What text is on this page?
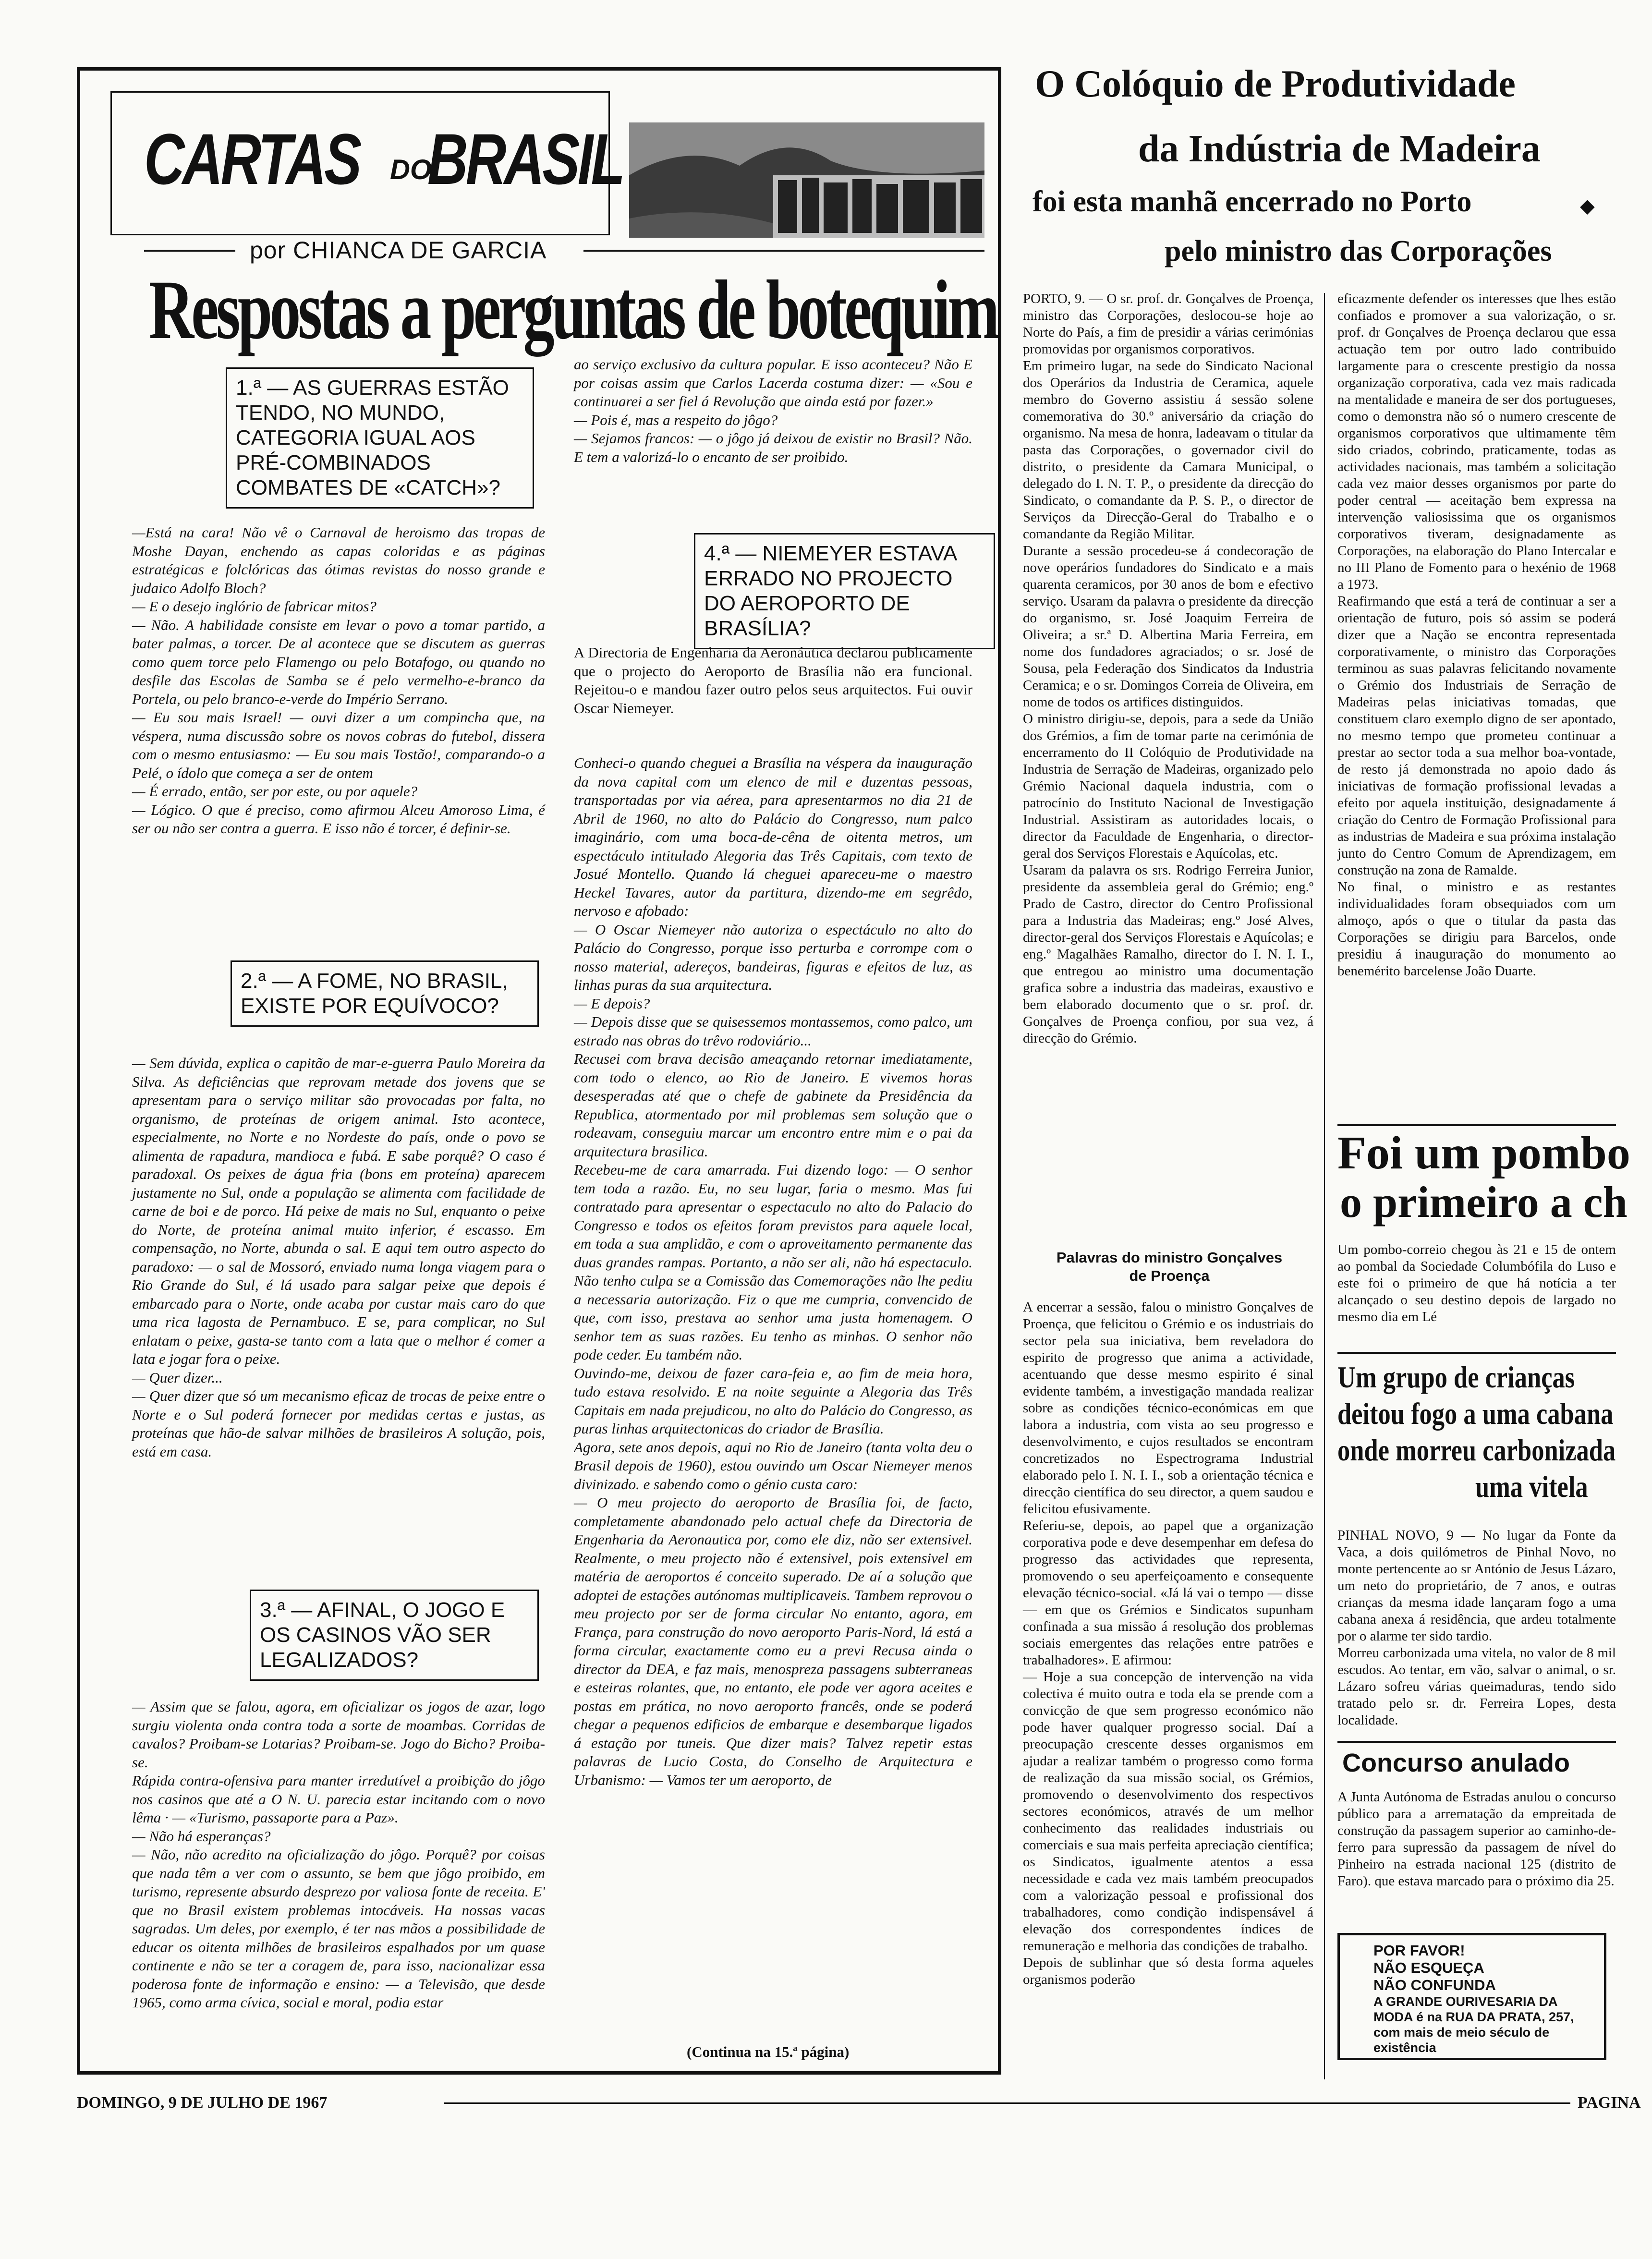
CARTAS	DO
BRASIL
por CHIANCA DE GARCIA
Respostas a perguntas de botequim
1.ª — AS GUERRAS ESTÃO TENDO, NO MUNDO, CATEGORIA IGUAL AOS PRÉ-COMBINADOS COMBATES DE «CATCH»?
—Está na cara! Não vê o Carnaval de heroismo das tropas de Moshe Dayan, enchendo as capas coloridas e as páginas estratégicas e folclóricas das ótimas revistas do nosso grande e judaico Adolfo Bloch?
— E o desejo inglório de fabricar mitos?
— Não. A habilidade consiste em levar o povo a tomar partido, a bater palmas, a torcer. De al acontece que se discutem as guerras como quem torce pelo Flamengo ou pelo Botafogo, ou quando no desfile das Escolas de Samba se é pelo vermelho-e-branco da Portela, ou pelo branco-e-verde do Império Serrano.
— Eu sou mais Israel! — ouvi dizer a um compincha que, na véspera, numa discussão sobre os novos cobras do futebol, dissera com o mesmo entusiasmo: — Eu sou mais Tostão!, comparando-o a Pelé, o ídolo que começa a ser de ontem
— É errado, então, ser por este, ou por aquele?
— Lógico. O que é preciso, como afirmou Alceu Amoroso Lima, é ser ou não ser contra a guerra. E isso não é torcer, é definir-se.
2.ª — A FOME, NO BRASIL, EXISTE POR EQUÍVOCO?
— Sem dúvida, explica o capitão de mar-e-guerra Paulo Moreira da Silva. As deficiências que reprovam metade dos jovens que se apresentam para o serviço militar são provocadas por falta, no organismo, de proteínas de origem animal. Isto acontece, especialmente, no Norte e no Nordeste do país, onde o povo se alimenta de rapadura, mandioca e fubá. E sabe porquê? O caso é paradoxal. Os peixes de água fria (bons em proteína) aparecem justamente no Sul, onde a população se alimenta com facilidade de carne de boi e de porco. Há peixe de mais no Sul, enquanto o peixe do Norte, de proteína animal muito inferior, é escasso. Em compensação, no Norte, abunda o sal. E aqui tem outro aspecto do paradoxo: — o sal de Mossoró, enviado numa longa viagem para o Rio Grande do Sul, é lá usado para salgar peixe que depois é embarcado para o Norte, onde acaba por custar mais caro do que uma rica lagosta de Pernambuco. E se, para complicar, no Sul enlatam o peixe, gasta-se tanto com a lata que o melhor é comer a lata e jogar fora o peixe.
— Quer dizer...
— Quer dizer que só um mecanismo eficaz de trocas de peixe entre o Norte e o Sul poderá fornecer por medidas certas e justas, as proteínas que hão-de salvar milhões de brasileiros A solução, pois, está em casa.
3.ª — AFINAL, O JOGO E OS CASINOS VÃO SER LEGALIZADOS?
— Assim que se falou, agora, em oficializar os jogos de azar, logo surgiu violenta onda contra toda a sorte de moambas. Corridas de cavalos? Proibam-se Lotarias? Proibam-se. Jogo do Bicho? Proiba-se.
Rápida contra-ofensiva para manter irredutível a proibição do jôgo nos casinos que até a O N. U. parecia estar incitando com o novo lêma · — «Turismo, passaporte para a Paz».
— Não há esperanças?
— Não, não acredito na oficialização do jôgo. Porquê? por coisas que nada têm a ver com o assunto, se bem que jôgo proibido, em turismo, represente absurdo desprezo por valiosa fonte de receita. E' que no Brasil existem problemas intocáveis. Ha nossas vacas sagradas. Um deles, por exemplo, é ter nas mãos a possibilidade de educar os oitenta milhões de brasileiros espalhados por um quase continente e não se ter a coragem de, para isso, nacionalizar essa poderosa fonte de informação e ensino: — a Televisão, que desde 1965, como arma cívica, social e moral, podia estar
ao serviço exclusivo da cultura popular. E isso aconteceu? Não E por coisas assim que Carlos Lacerda costuma dizer: — «Sou e continuarei a ser fiel á Revolução que ainda está por fazer.»
— Pois é, mas a respeito do jôgo?
— Sejamos francos: — o jôgo já deixou de existir no Brasil? Não. E tem a valorizá-lo o encanto de ser proibido.
4.ª — NIEMEYER ESTAVA ERRADO NO PROJECTO DO AEROPORTO DE BRASÍLIA?
A Directoria de Engenharia da Aeronáutica declarou publicamente que o projecto do Aeroporto de Brasília não era funcional. Rejeitou-o e mandou fazer outro pelos seus arquitectos. Fui ouvir Oscar Niemeyer.
Conheci-o quando cheguei a Brasília na véspera da inauguração da nova capital com um elenco de mil e duzentas pessoas, transportadas por via aérea, para apresentarmos no dia 21 de Abril de 1960, no alto do Palácio do Congresso, num palco imaginário, com uma boca-de-cêna de oitenta metros, um espectáculo intitulado Alegoria das Três Capitais, com texto de Josué Montello. Quando lá cheguei apareceu-me o maestro Heckel Tavares, autor da partitura, dizendo-me em segrêdo, nervoso e afobado:
— O Oscar Niemeyer não autoriza o espectáculo no alto do Palácio do Congresso, porque isso perturba e corrompe com o nosso material, adereços, bandeiras, figuras e efeitos de luz, as linhas puras da sua arquitectura.
— E depois?
— Depois disse que se quisessemos montassemos, como palco, um estrado nas obras do trêvo rodoviário...
Recusei com brava decisão ameaçando retornar imediatamente, com todo o elenco, ao Rio de Janeiro. E vivemos horas desesperadas até que o chefe de gabinete da Presidência da Republica, atormentado por mil problemas sem solução que o rodeavam, conseguiu marcar um encontro entre mim e o pai da arquitectura brasilica.
Recebeu-me de cara amarrada. Fui dizendo logo: — O senhor tem toda a razão. Eu, no seu lugar, faria o mesmo. Mas fui contratado para apresentar o espectaculo no alto do Palacio do Congresso e todos os efeitos foram previstos para aquele local, em toda a sua amplidão, e com o aproveitamento permanente das duas grandes rampas. Portanto, a não ser ali, não há espectaculo. Não tenho culpa se a Comissão das Comemorações não lhe pediu a necessaria autorização. Fiz o que me cumpria, convencido de que, com isso, prestava ao senhor uma justa homenagem. O senhor tem as suas razões. Eu tenho as minhas. O senhor não pode ceder. Eu também não.
Ouvindo-me, deixou de fazer cara-feia e, ao fim de meia hora, tudo estava resolvido. E na noite seguinte a Alegoria das Três Capitais em nada prejudicou, no alto do Palácio do Congresso, as puras linhas arquitectonicas do criador de Brasília.
Agora, sete anos depois, aqui no Rio de Janeiro (tanta volta deu o Brasil depois de 1960), estou ouvindo um Oscar Niemeyer menos divinizado. e sabendo como o génio custa caro:
— O meu projecto do aeroporto de Brasília foi, de facto, completamente abandonado pelo actual chefe da Directoria de Engenharia da Aeronautica por, como ele diz, não ser extensivel. Realmente, o meu projecto não é extensivel, pois extensivel em matéria de aeroportos é conceito superado. De aí a solução que adoptei de estações autónomas multiplicaveis. Tambem reprovou o meu projecto por ser de forma circular No entanto, agora, em França, para construção do novo aeroporto Paris-Nord, lá está a forma circular, exactamente como eu a previ Recusa ainda o director da DEA, e faz mais, menospreza passagens subterraneas e esteiras rolantes, que, no entanto, ele pode ver agora aceites e postas em prática, no novo aeroporto francês, onde se poderá chegar a pequenos edificios de embarque e desembarque ligados á estação por tuneis. Que dizer mais? Talvez repetir estas palavras de Lucio Costa, do Conselho de Arquitectura e Urbanismo: — Vamos ter um aeroporto, de
(Continua na 15.ª página)
O Colóquio de Produtividade
da Indústria de Madeira
foi esta manhã encerrado no Porto	◆
pelo ministro das Corporações
PORTO, 9. — O sr. prof. dr. Gonçalves de Proença, ministro das Corporações, deslocou-se hoje ao Norte do País, a fim de presidir a várias cerimónias promovidas por organismos corporativos.
Em primeiro lugar, na sede do Sindicato Nacional dos Operários da Industria de Ceramica, aquele membro do Governo assistiu á sessão solene comemorativa do 30.º aniversário da criação do organismo. Na mesa de honra, ladeavam o titular da pasta das Corporações, o governador civil do distrito, o presidente da Camara Municipal, o delegado do I. N. T. P., o presidente da direcção do Sindicato, o comandante da P. S. P., o director de Serviços da Direcção-Geral do Trabalho e o comandante da Região Militar.
Durante a sessão procedeu-se á condecoração de nove operários fundadores do Sindicato e a mais quarenta ceramicos, por 30 anos de bom e efectivo serviço. Usaram da palavra o presidente da direcção do organismo, sr. José Joaquim Ferreira de Oliveira; a sr.ª D. Albertina Maria Ferreira, em nome dos fundadores agraciados; o sr. José de Sousa, pela Federação dos Sindicatos da Industria Ceramica; e o sr. Domingos Correia de Oliveira, em nome de todos os artifices distinguidos.
O ministro dirigiu-se, depois, para a sede da União dos Grémios, a fim de tomar parte na cerimónia de encerramento do II Colóquio de Produtividade na Industria de Serração de Madeiras, organizado pelo Grémio Nacional daquela industria, com o patrocínio do Instituto Nacional de Investigação Industrial. Assistiram as autoridades locais, o director da Faculdade de Engenharia, o director-geral dos Serviços Florestais e Aquícolas, etc.
Usaram da palavra os srs. Rodrigo Ferreira Junior, presidente da assembleia geral do Grémio; eng.º Prado de Castro, director do Centro Profissional para a Industria das Madeiras; eng.º José Alves, director-geral dos Serviços Florestais e Aquícolas; e eng.º Magalhães Ramalho, director do I. N. I. I., que entregou ao ministro uma documentação grafica sobre a industria das madeiras, exaustivo e bem elaborado documento que o sr. prof. dr. Gonçalves de Proença confiou, por sua vez, á direcção do Grémio.
Palavras do ministro Gonçalves de Proença
A encerrar a sessão, falou o ministro Gonçalves de Proença, que felicitou o Grémio e os industriais do sector pela sua iniciativa, bem reveladora do espirito de progresso que anima a actividade, acentuando que desse mesmo espirito é sinal evidente também, a investigação mandada realizar sobre as condições técnico-económicas em que labora a industria, com vista ao seu progresso e desenvolvimento, e cujos resultados se encontram concretizados no Espectrograma Industrial elaborado pelo I. N. I. I., sob a orientação técnica e direcção científica do seu director, a quem saudou e felicitou efusivamente.
Referiu-se, depois, ao papel que a organização corporativa pode e deve desempenhar em defesa do progresso das actividades que representa, promovendo o seu aperfeiçoamento e consequente elevação técnico-social. «Já lá vai o tempo — disse — em que os Grémios e Sindicatos supunham confinada a sua missão á resolução dos problemas sociais emergentes das relações entre patrões e trabalhadores». E afirmou:
— Hoje a sua concepção de intervenção na vida colectiva é muito outra e toda ela se prende com a convicção de que sem progresso económico não pode haver qualquer progresso social. Daí a preocupação crescente desses organismos em ajudar a realizar também o progresso como forma de realização da sua missão social, os Grémios, promovendo o desenvolvimento dos respectivos sectores económicos, através de um melhor conhecimento das realidades industriais ou comerciais e sua mais perfeita apreciação científica; os Sindicatos, igualmente atentos a essa necessidade e cada vez mais também preocupados com a valorização pessoal e profissional dos trabalhadores, como condição indispensável á elevação dos correspondentes índices de remuneração e melhoria das condições de trabalho.
Depois de sublinhar que só desta forma aqueles organismos poderão
eficazmente defender os interesses que lhes estão confiados e promover a sua valorização, o sr. prof. dr Gonçalves de Proença declarou que essa actuação tem por outro lado contribuido largamente para o crescente prestigio da nossa organização corporativa, cada vez mais radicada na mentalidade e maneira de ser dos portugueses, como o demonstra não só o numero crescente de organismos corporativos que ultimamente têm sido criados, cobrindo, praticamente, todas as actividades nacionais, mas também a solicitação cada vez maior desses organismos por parte do poder central — aceitação bem expressa na intervenção valiosissima que os organismos corporativos tiveram, designadamente as Corporações, na elaboração do Plano Intercalar e no III Plano de Fomento para o hexénio de 1968 a 1973.
Reafirmando que está a terá de continuar a ser a orientação de futuro, pois só assim se poderá dizer que a Nação se encontra representada corporativamente, o ministro das Corporações terminou as suas palavras felicitando novamente o Grémio dos Industriais de Serração de Madeiras pelas iniciativas tomadas, que constituem claro exemplo digno de ser apontado, no mesmo tempo que prometeu continuar a prestar ao sector toda a sua melhor boa-vontade, de resto já demonstrada no apoio dado ás iniciativas de formação profissional levadas a efeito por aquela instituição, designadamente á criação do Centro de Formação Profissional para as industrias de Madeira e sua próxima instalação junto do Centro Comum de Aprendizagem, em construção na zona de Ramalde.
No final, o ministro e as restantes individualidades foram obsequiados com um almoço, após o que o titular da pasta das Corporações se dirigiu para Barcelos, onde presidiu á inauguração do monumento ao benemérito barcelense João Duarte.
Foi um pombo
o primeiro a ch
Um pombo-correio chegou às 21 e 15 de ontem ao pombal da Sociedade Columbófila do Luso e este foi o primeiro de que há notícia a ter alcançado o seu destino depois de largado no mesmo dia em Lé
Um grupo de crianças
deitou fogo a uma cabana
onde morreu carbonizada
uma vitela
PINHAL NOVO, 9 — No lugar da Fonte da Vaca, a dois quilómetros de Pinhal Novo, no monte pertencente ao sr António de Jesus Lázaro, um neto do proprietário, de 7 anos, e outras crianças da mesma idade lançaram fogo a uma cabana anexa á residência, que ardeu totalmente por o alarme ter sido tardio.
Morreu carbonizada uma vitela, no valor de 8 mil escudos. Ao tentar, em vão, salvar o animal, o sr. Lázaro sofreu várias queimaduras, tendo sido tratado pelo sr. dr. Ferreira Lopes, desta localidade.
Concurso anulado
A Junta Autónoma de Estradas anulou o concurso público para a arrematação da empreitada de construção da passagem superior ao caminho-de-ferro para supressão da passagem de nível do Pinheiro na estrada nacional 125 (distrito de Faro). que estava marcado para o próximo dia 25.
POR FAVOR!
NÃO ESQUEÇA
NÃO CONFUNDA
A GRANDE OURIVESARIA DA MODA é na RUA DA PRATA, 257, com mais de meio século de existência
DOMINGO, 9 DE JULHO DE 1967	PAGINA
